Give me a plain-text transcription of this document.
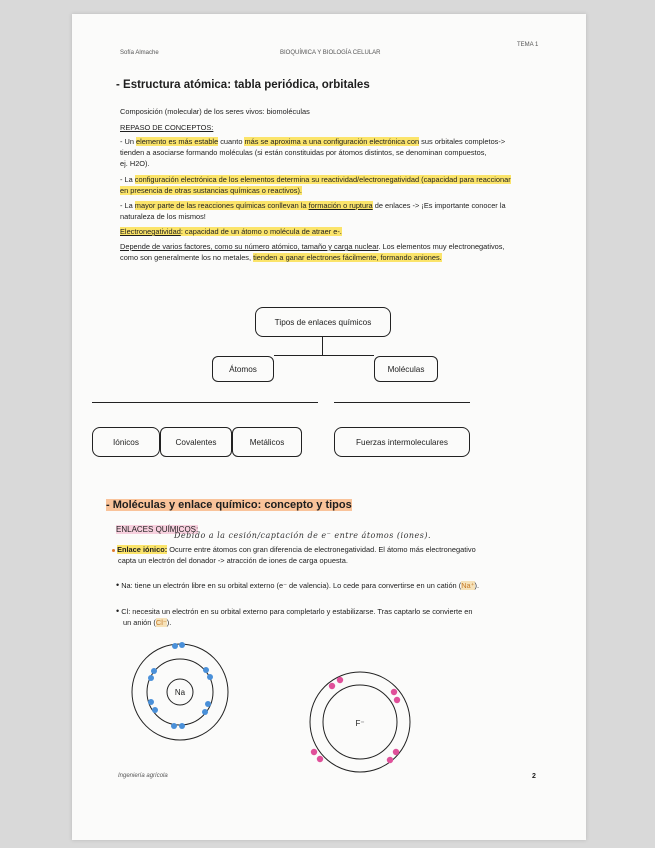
Sofía Almache	BIOQUÍMICA Y BIOLOGÍA CELULAR
TEMA 1
- Estructura atómica: tabla periódica, orbitales
Composición (molecular) de los seres vivos: biomoléculas
REPASO DE CONCEPTOS:
- Un elemento es más estable cuanto más se aproxima a una configuración electrónica con sus orbitales completos->
tienden a asociarse formando moléculas (si están constituidas por átomos distintos, se denominan compuestos,
ej. H2O).
- La configuración electrónica de los elementos determina su reactividad/electronegatividad (capacidad para reaccionar
en presencia de otras sustancias químicas o reactivos).
- La mayor parte de las reacciones químicas conllevan la formación o ruptura de enlaces -> ¡Es importante conocer la
naturaleza de los mismos!
Electronegatividad: capacidad de un átomo o molécula de atraer e-.
Depende de varios factores, como su número atómico, tamaño y carga nuclear. Los elementos muy electronegativos,
como son generalmente los no metales, tienden a ganar electrones fácilmente, formando aniones.
Tipos de enlaces químicos
Átomos	Moléculas
Iónicos	Covalentes	Metálicos	Fuerzas intermoleculares
- Moléculas y enlace químico: concepto y tipos
ENLACES QUÍMICOS:
Debido a la cesión/captación de e⁻ entre átomos (iones).
Enlace iónico: Ocurre entre átomos con gran diferencia de electronegatividad. El átomo más electronegativo
capta un electrón del donador -> atracción de iones de carga opuesta.
• Na: tiene un electrón libre en su orbital externo (e⁻ de valencia). Lo cede para convertirse en un catión (Na⁺).
• Cl: necesita un electrón en su orbital externo para completarlo y estabilizarse. Tras captarlo se convierte en
un anión (Cl⁻).
Na
F⁻
Ingeniería agrícola	2
